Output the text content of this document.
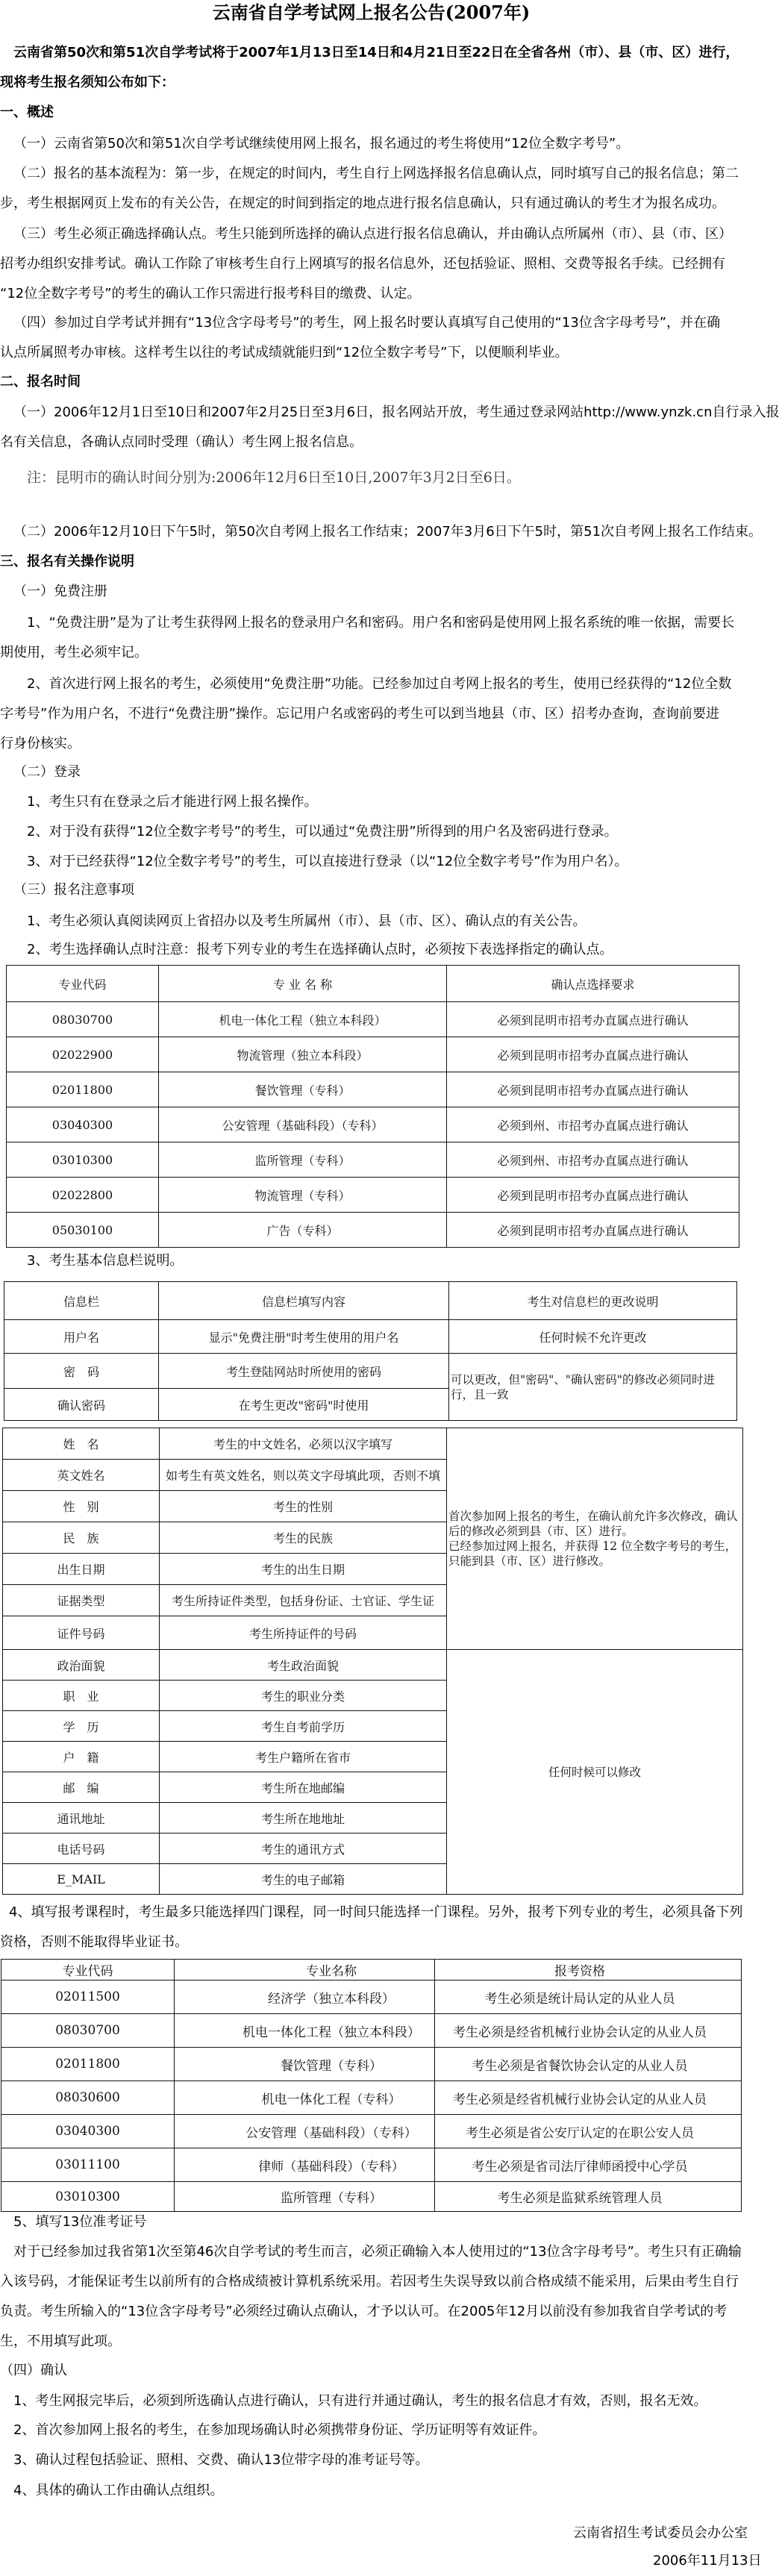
云南省自学考试网上报名公告(2007年)
云南省第50次和第51次自学考试将于2007年1月13日至14日和4月21日至22日在全省各州（市）、县（市、区）进行，
现将考生报名须知公布如下：
一、概述
（一）云南省第50次和第51次自学考试继续使用网上报名，报名通过的考生将使用“12位全数字考号”。
（二）报名的基本流程为：第一步，在规定的时间内，考生自行上网选择报名信息确认点，同时填写自己的报名信息；第二
步，考生根据网页上发布的有关公告，在规定的时间到指定的地点进行报名信息确认，只有通过确认的考生才为报名成功。
（三）考生必须正确选择确认点。考生只能到所选择的确认点进行报名信息确认，并由确认点所属州（市）、县（市、区）
招考办组织安排考试。确认工作除了审核考生自行上网填写的报名信息外，还包括验证、照相、交费等报名手续。已经拥有
“12位全数字考号”的考生的确认工作只需进行报考科目的缴费、认定。
（四）参加过自学考试并拥有“13位含字母考号”的考生，网上报名时要认真填写自己使用的“13位含字母考号”，并在确
认点所属照考办审核。这样考生以往的考试成绩就能归到“12位全数字考号”下，以便顺利毕业。
二、报名时间
（一）2006年12月1日至10日和2007年2月25日至3月6日，报名网站开放，考生通过登录网站http://www.ynzk.cn自行录入报
名有关信息，各确认点同时受理（确认）考生网上报名信息。
注：昆明市的确认时间分别为:2006年12月6日至10日,2007年3月2日至6日。
（二）2006年12月10日下午5时，第50次自考网上报名工作结束；2007年3月6日下午5时，第51次自考网上报名工作结束。
三、报名有关操作说明
（一）免费注册
1、“免费注册”是为了让考生获得网上报名的登录用户名和密码。用户名和密码是使用网上报名系统的唯一依据，需要长
期使用，考生必须牢记。
2、首次进行网上报名的考生，必须使用“免费注册”功能。已经参加过自考网上报名的考生，使用已经获得的“12位全数
字考号”作为用户名，不进行“免费注册”操作。忘记用户名或密码的考生可以到当地县（市、区）招考办查询，查询前要进
行身份核实。
（二）登录
1、考生只有在登录之后才能进行网上报名操作。
2、对于没有获得“12位全数字考号”的考生，可以通过“免费注册”所得到的用户名及密码进行登录。
3、对于已经获得“12位全数字考号”的考生，可以直接进行登录（以“12位全数字考号”作为用户名）。
（三）报名注意事项
1、考生必须认真阅读网页上省招办以及考生所属州（市）、县（市、区）、确认点的有关公告。
2、考生选择确认点时注意：报考下列专业的考生在选择确认点时，必须按下表选择指定的确认点。
专业代码	专 业 名 称	确认点选择要求
08030700	机电一体化工程（独立本科段）	必须到昆明市招考办直属点进行确认
02022900	物流管理（独立本科段）	必须到昆明市招考办直属点进行确认
02011800	餐饮管理（专科）	必须到昆明市招考办直属点进行确认
03040300	公安管理（基础科段）（专科）	必须到州、市招考办直属点进行确认
03010300	监所管理（专科）	必须到州、市招考办直属点进行确认
02022800	物流管理（专科）	必须到昆明市招考办直属点进行确认
05030100	广告（专科）	必须到昆明市招考办直属点进行确认
3、考生基本信息栏说明。
信息栏	信息栏填写内容	考生对信息栏的更改说明
用户名	显示"免费注册"时考生使用的用户名	任何时候不允许更改
密　码	考生登陆网站时所使用的密码	可以更改，但"密码"、"确认密码"的修改必须同时进行，且一致
确认密码	在考生更改"密码"时使用	
姓　名	考生的中文姓名，必须以汉字填写	首次参加网上报名的考生，在确认前允许多次修改，确认后的修改必须到县（市、区）进行。
已经参加过网上报名，并获得 12 位全数字考号的考生，只能到县（市、区）进行修改。

英文姓名	如考生有英文姓名，则以英文字母填此项，否则不填	
性　别	考生的性别	
民　族	考生的民族	
出生日期	考生的出生日期	
证据类型	考生所持证件类型，包括身份证、士官证、学生证	
证件号码	考生所持证件的号码	
政治面貌	考生政治面貌	任何时候可以修改
职　业	考生的职业分类	
学　历	考生自考前学历	
户　籍	考生户籍所在省市	
邮　编	考生所在地邮编	
通讯地址	考生所在地地址	
电话号码	考生的通讯方式	
E_MAIL	考生的电子邮箱	
4、填写报考课程时，考生最多只能选择四门课程，同一时间只能选择一门课程。另外，报考下列专业的考生，必须具备下列
资格，否则不能取得毕业证书。
专业代码	专业名称	报考资格
02011500	经济学（独立本科段）	考生必须是统计局认定的从业人员
08030700	机电一体化工程（独立本科段）	考生必须是经省机械行业协会认定的从业人员
02011800	餐饮管理（专科）	考生必须是省餐饮协会认定的从业人员
08030600	机电一体化工程（专科）	考生必须是经省机械行业协会认定的从业人员
03040300	公安管理（基础科段）（专科）	考生必须是省公安厅认定的在职公安人员
03011100	律师（基础科段）（专科）	考生必须是省司法厅律师函授中心学员
03010300	监所管理（专科）	考生必须是监狱系统管理人员
5、填写13位准考证号
对于已经参加过我省第1次至第46次自学考试的考生而言，必须正确输入本人使用过的“13位含字母考号”。考生只有正确输
入该号码，才能保证考生以前所有的合格成绩被计算机系统采用。若因考生失误导致以前合格成绩不能采用，后果由考生自行
负责。考生所输入的“13位含字母考号”必须经过确认点确认，才予以认可。在2005年12月以前没有参加我省自学考试的考
生，不用填写此项。
（四）确认
1、考生网报完毕后，必须到所选确认点进行确认，只有进行并通过确认，考生的报名信息才有效，否则，报名无效。
2、首次参加网上报名的考生，在参加现场确认时必须携带身份证、学历证明等有效证件。
3、确认过程包括验证、照相、交费、确认13位带字母的准考证号等。
4、具体的确认工作由确认点组织。
云南省招生考试委员会办公室
2006年11月13日
